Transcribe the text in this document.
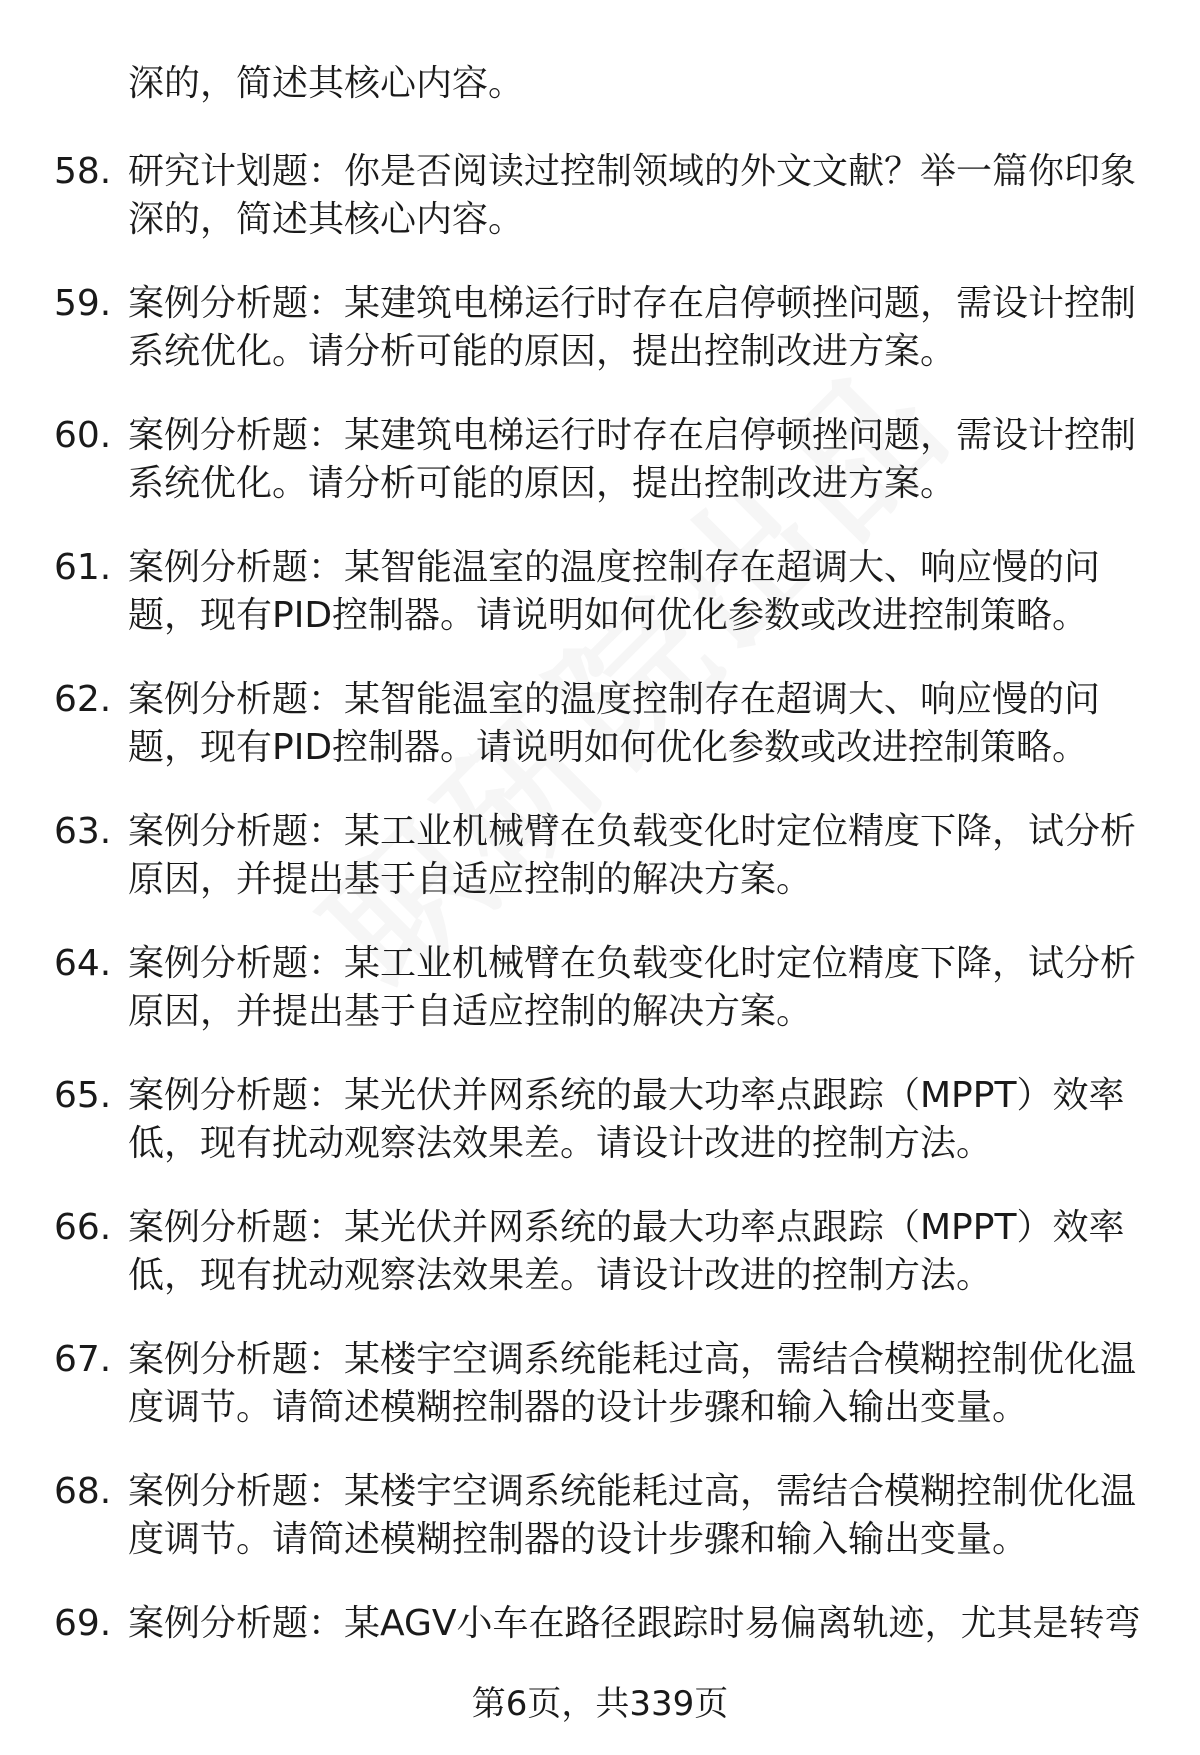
深的，简述其核心内容。

58. 研究计划题：你是否阅读过控制领域的外文文献？举一篇你印象
深的，简述其核心内容。

59. 案例分析题：某建筑电梯运行时存在启停顿挫问题，需设计控制
系统优化。请分析可能的原因，提出控制改进方案。

60. 案例分析题：某建筑电梯运行时存在启停顿挫问题，需设计控制
系统优化。请分析可能的原因，提出控制改进方案。

61. 案例分析题：某智能温室的温度控制存在超调大、响应慢的问
题，现有PID控制器。请说明如何优化参数或改进控制策略。

62. 案例分析题：某智能温室的温度控制存在超调大、响应慢的问
题，现有PID控制器。请说明如何优化参数或改进控制策略。

63. 案例分析题：某工业机械臂在负载变化时定位精度下降，试分析
原因，并提出基于自适应控制的解决方案。

64. 案例分析题：某工业机械臂在负载变化时定位精度下降，试分析
原因，并提出基于自适应控制的解决方案。

65. 案例分析题：某光伏并网系统的最大功率点跟踪（MPPT）效率
低，现有扰动观察法效果差。请设计改进的控制方法。

66. 案例分析题：某光伏并网系统的最大功率点跟踪（MPPT）效率
低，现有扰动观察法效果差。请设计改进的控制方法。

67. 案例分析题：某楼宇空调系统能耗过高，需结合模糊控制优化温
度调节。请简述模糊控制器的设计步骤和输入输出变量。

68. 案例分析题：某楼宇空调系统能耗过高，需结合模糊控制优化温
度调节。请简述模糊控制器的设计步骤和输入输出变量。

69. 案例分析题：某AGV小车在路径跟踪时易偏离轨迹，尤其是转弯

第6页，共339页
